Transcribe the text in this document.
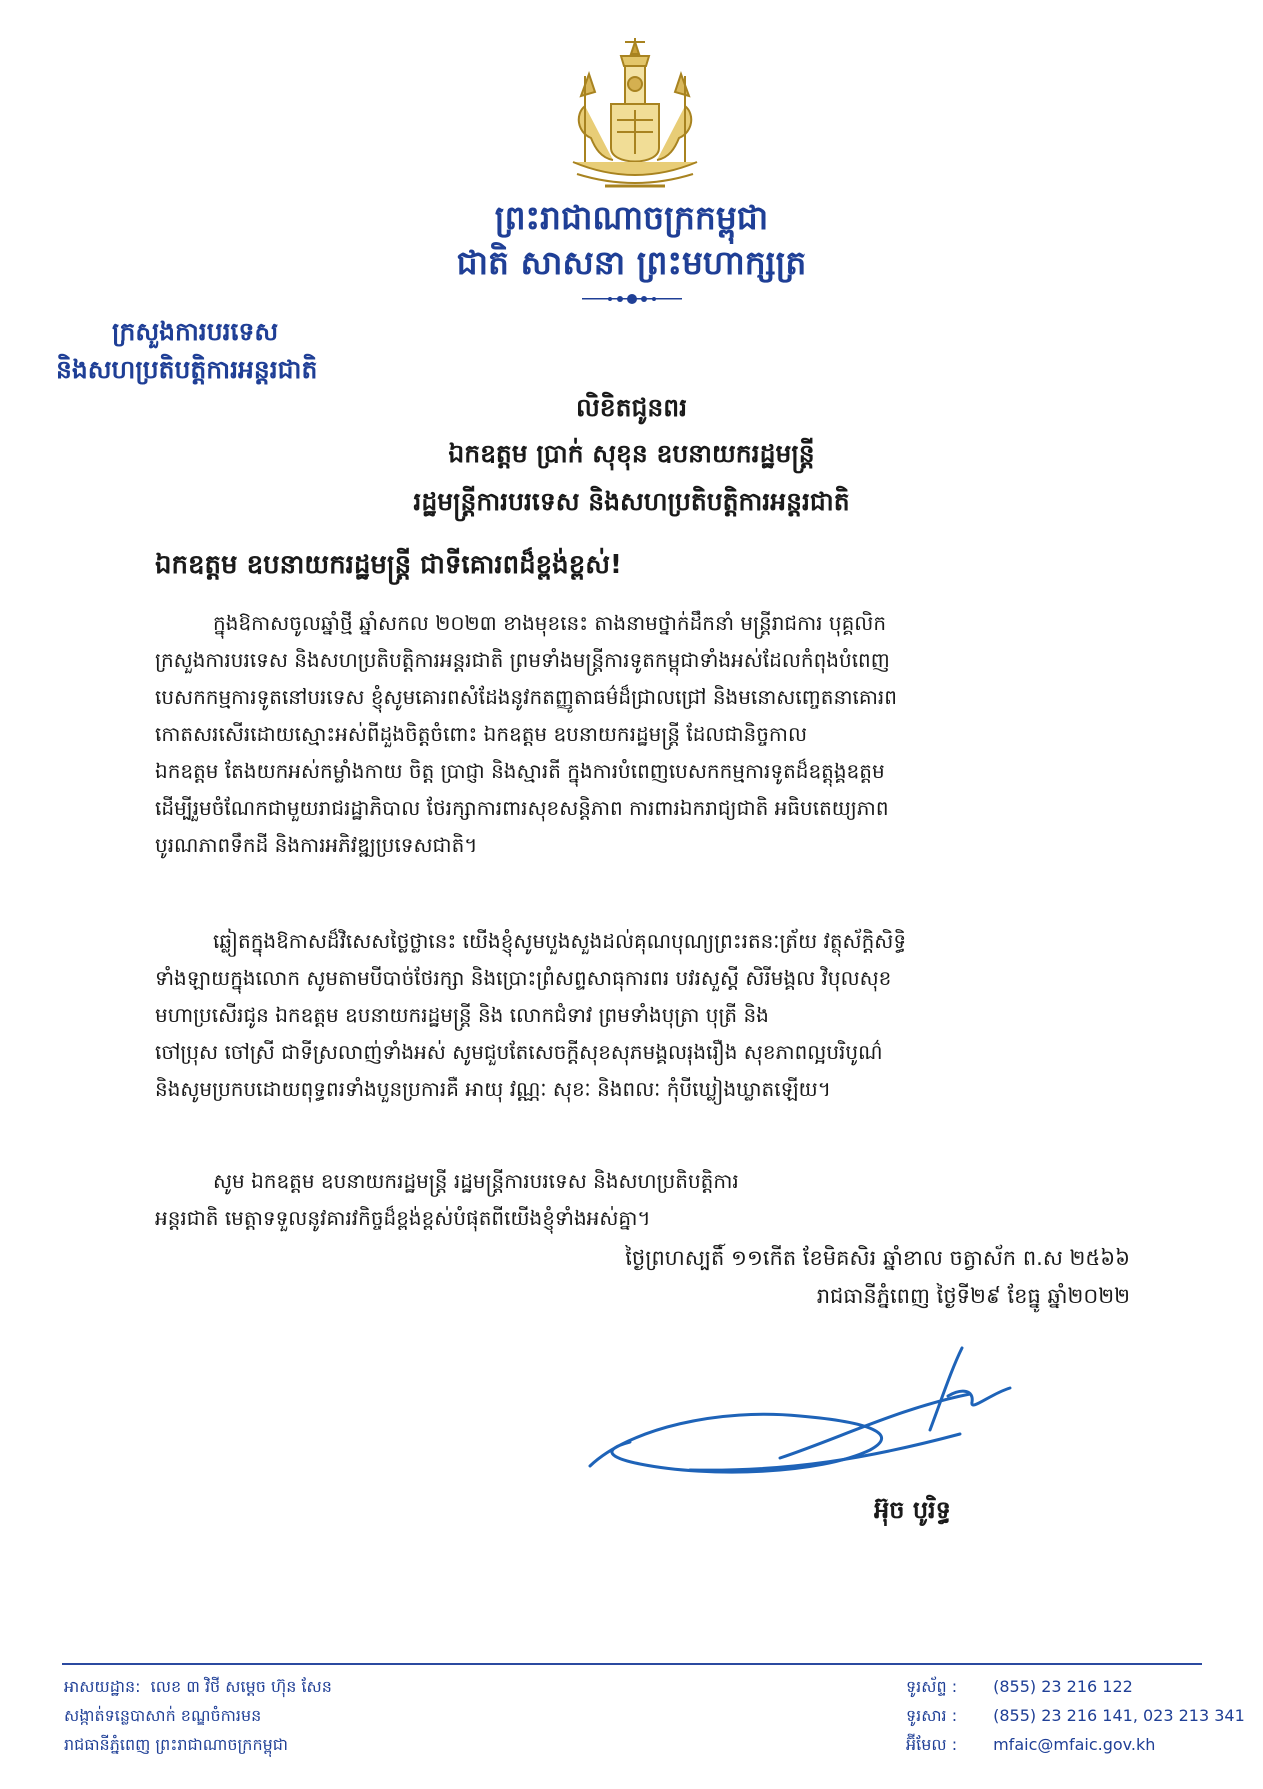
ព្រះរាជាណាចក្រកម្ពុជា
ជាតិ សាសនា ព្រះមហាក្សត្រ
ក្រសួងការបរទេស
និងសហប្រតិបត្តិការអន្តរជាតិ
លិខិតជូនពរ
ឯកឧត្តម ប្រាក់ សុខុន ឧបនាយករដ្ឋមន្ត្រី
រដ្ឋមន្ត្រីការបរទេស និងសហប្រតិបត្តិការអន្តរជាតិ
ឯកឧត្តម ឧបនាយករដ្ឋមន្ត្រី ជាទីគោរពដ៏ខ្ពង់ខ្ពស់!
ក្នុងឱកាសចូលឆ្នាំថ្មី ឆ្នាំសកល ២០២៣ ខាងមុខនេះ តាងនាមថ្នាក់ដឹកនាំ មន្ត្រីរាជការ បុគ្គលិក
ក្រសួងការបរទេស និងសហប្រតិបត្តិការអន្តរជាតិ ព្រមទាំងមន្ត្រីការទូតកម្ពុជាទាំងអស់ដែលកំពុងបំពេញ
បេសកកម្មការទូតនៅបរទេស ខ្ញុំសូមគោរពសំដែងនូវកតញ្ញូតាធម៌ដ៏ជ្រាលជ្រៅ និងមនោសញ្ចេតនាគោរព
កោតសរសើរដោយស្មោះអស់ពីដួងចិត្តចំពោះ ឯកឧត្តម ឧបនាយករដ្ឋមន្ត្រី ដែលជានិច្ចកាល
ឯកឧត្តម តែងយកអស់កម្លាំងកាយ ចិត្ត ប្រាជ្ញា និងស្មារតី ក្នុងការបំពេញបេសកកម្មការទូតដ៏ឧត្តុង្គឧត្តម
ដើម្បីរួមចំណែកជាមួយរាជរដ្ឋាភិបាល ថែរក្សាការពារសុខសន្តិភាព ការពារឯករាជ្យជាតិ អធិបតេយ្យភាព
បូរណភាពទឹកដី និងការអភិវឌ្ឍប្រទេសជាតិ។
ឆ្លៀតក្នុងឱកាសដ៏វិសេសថ្លៃថ្លានេះ យើងខ្ញុំសូមបួងសួងដល់គុណបុណ្យព្រះរតនៈត្រ័យ វត្ថុស័ក្តិសិទ្ធិ
ទាំងឡាយក្នុងលោក សូមតាមបីបាច់ថែរក្សា និងប្រោះព្រំសព្ទសាធុការពរ បវរសួស្តី សិរីមង្គល វិបុលសុខ
មហាប្រសើរជូន ឯកឧត្តម ឧបនាយករដ្ឋមន្ត្រី និង លោកជំទាវ ព្រមទាំងបុត្រា បុត្រី និង
ចៅប្រុស ចៅស្រី ជាទីស្រលាញ់ទាំងអស់ សូមជួបតែសេចក្តីសុខសុភមង្គលរុងរឿង សុខភាពល្អបរិបូណ៌
និងសូមប្រកបដោយពុទ្ធពរទាំងបួនប្រការគឺ អាយុ វណ្ណៈ សុខៈ និងពលៈ កុំបីឃ្លៀងឃ្លាតឡើយ។
សូម ឯកឧត្តម ឧបនាយករដ្ឋមន្ត្រី រដ្ឋមន្ត្រីការបរទេស និងសហប្រតិបត្តិការ
អន្តរជាតិ មេត្តាទទួលនូវគារវកិច្ចដ៏ខ្ពង់ខ្ពស់បំផុតពីយើងខ្ញុំទាំងអស់គ្នា។
ថ្ងៃព្រហស្បតិ៍ ១១កើត ខែមិគសិរ ឆ្នាំខាល ចត្វាស័ក ព.ស ២៥៦៦
រាជធានីភ្នំពេញ ថ្ងៃទី២៩ ខែធ្នូ ឆ្នាំ២០២២
អ៊ុច បូរិទ្ធ
អាសយដ្ឋាន: លេខ ៣ វិថី សម្តេច ហ៊ុន សែន
សង្កាត់ទន្លេបាសាក់ ខណ្ឌចំការមន
រាជធានីភ្នំពេញ ព្រះរាជាណាចក្រកម្ពុជា
ទូរស័ព្ទ : (855) 23 216 122
ទូរសារ : (855) 23 216 141, 023 213 341
អ៊ីមែល : mfaic@mfaic.gov.kh
